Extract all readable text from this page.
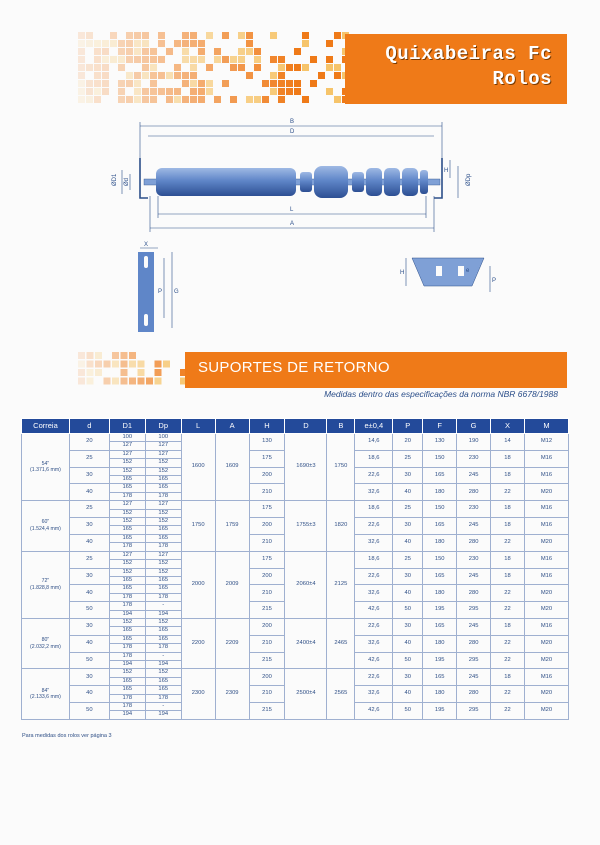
Quixabeiras Fc
Rolos
B
D
L
A
ØD1 Ød
H
ØDp
X
P G
H	e
P
SUPORTES DE RETORNO
Medidas dentro das especificações da norma NBR 6678/1988
Correia	d	D1	Dp	L	A	H	D	B	e±0,4	P	F	G	X	M

54"
(1.371,6 mm)	20	100	100	1600	1609	130	1690±3	1750	14,6	20	130	190	14	M12
		127	127											
	25	127	127			175			18,6	25	150	230	18	M16
		152	152											
	30	152	152			200			22,6	30	165	245	18	M16
		165	165											
	40	165	165			210			32,6	40	180	280	22	M20
		178	178											

60"
(1.524,4 mm)	25	127	127	1750	1759	175	1755±3	1820	18,6	25	150	230	18	M16
		152	152											
	30	152	152			200			22,6	30	165	245	18	M16
		165	165											
	40	165	165			210			32,6	40	180	280	22	M20
		178	178											

72"
(1.828,8 mm)	25	127	127	2000	2009	175	2060±4	2125	18,6	25	150	230	18	M16
		152	152											
	30	152	152			200			22,6	30	165	245	18	M16
		165	165											
	40	165	165			210			32,6	40	180	280	22	M20
		178	178											
	50	178	-			215			42,6	50	195	295	22	M20
		194	194											

80"
(2.032,2 mm)	30	152	152	2200	2209	200	2400±4	2465	22,6	30	165	245	18	M16
		165	165											
	40	165	165			210			32,6	40	180	280	22	M20
		178	178											
	50	178	-			215			42,6	50	195	295	22	M20
		194	194											

84"
(2.133,6 mm)	30	152	152	2300	2309	200	2500±4	2565	22,6	30	165	245	18	M16
		165	165											
	40	165	165			210			32,6	40	180	280	22	M20
		178	178											
	50	178	-			215			42,6	50	195	295	22	M20
		194	194											
Para medidas dos rolos ver página 3
